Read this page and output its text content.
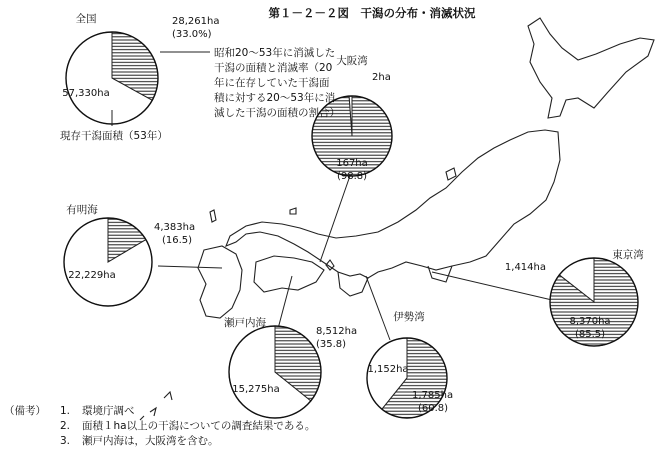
第１－２－２図　干潟の分布・消滅状況
全国
57,330ha
28,261ha
(33.0%)
大阪湾
2ha
167ha
(98.8)
有明海
22,229ha
4,383ha
(16.5)
瀬戸内海
15,275ha
8,512ha
(35.8)
伊勢湾
1,152ha
1,785ha
(60.8)
東京湾
1,414ha
8,370ha
(85.5)
昭和20～53年に消滅した
干潟の面積と消滅率（20
年に在存していた干潟面
積に対する20～53年に消
滅した干潟の面積の割合）
現存干潟面積（53年）
（備考） 1. 環境庁調べ
2. 面積１ha以上の干潟についての調査結果である。
3. 瀬戸内海は，大阪湾を含む。
